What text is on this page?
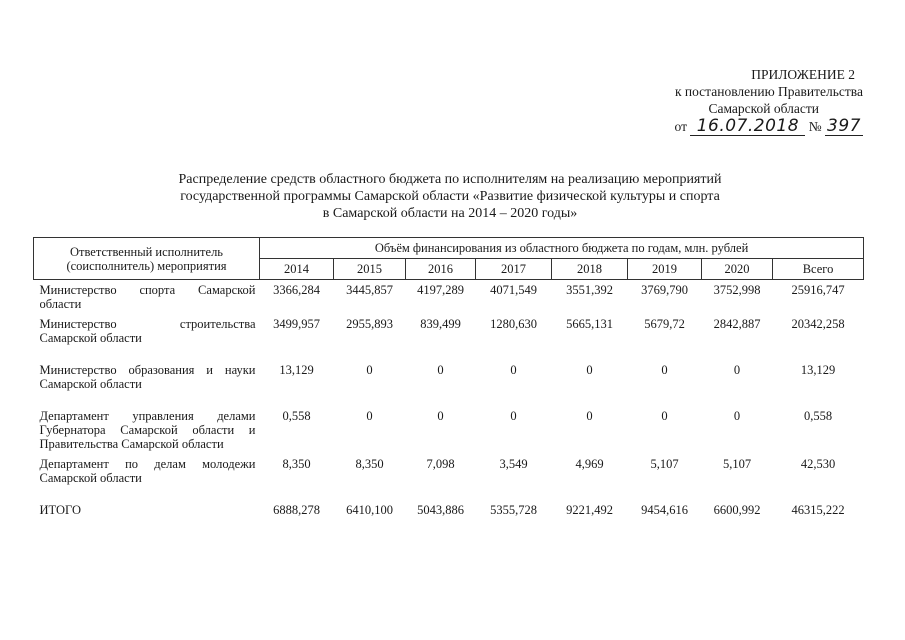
ПРИЛОЖЕНИЕ 2
к постановлению Правительства
Самарской области
от 16.07.2018 № 397
Распределение средств областного бюджета по исполнителям на реализацию мероприятий
государственной программы Самарской области «Развитие физической культуры и спорта
в Самарской области на 2014 – 2020 годы»
Ответственный исполнитель (соисполнитель) мероприятия	Объём финансирования из областного бюджета по годам, млн. рублей							
	2014	2015	2016	2017	2018	2019	2020	Всего
Министерство спорта Самарской области	3366,284	3445,857	4197,289	4071,549	3551,392	3769,790	3752,998	25916,747
Министерство строительства Самарской области	3499,957	2955,893	839,499	1280,630	5665,131	5679,72	2842,887	20342,258
Министерство образования и науки Самарской области	13,129	0	0	0	0	0	0	13,129
Департамент управления делами Губернатора Самарской области и Правительства Самарской области	0,558	0	0	0	0	0	0	0,558
Департамент по делам молодежи Самарской области	8,350	8,350	7,098	3,549	4,969	5,107	5,107	42,530
ИТОГО	6888,278	6410,100	5043,886	5355,728	9221,492	9454,616	6600,992	46315,222
